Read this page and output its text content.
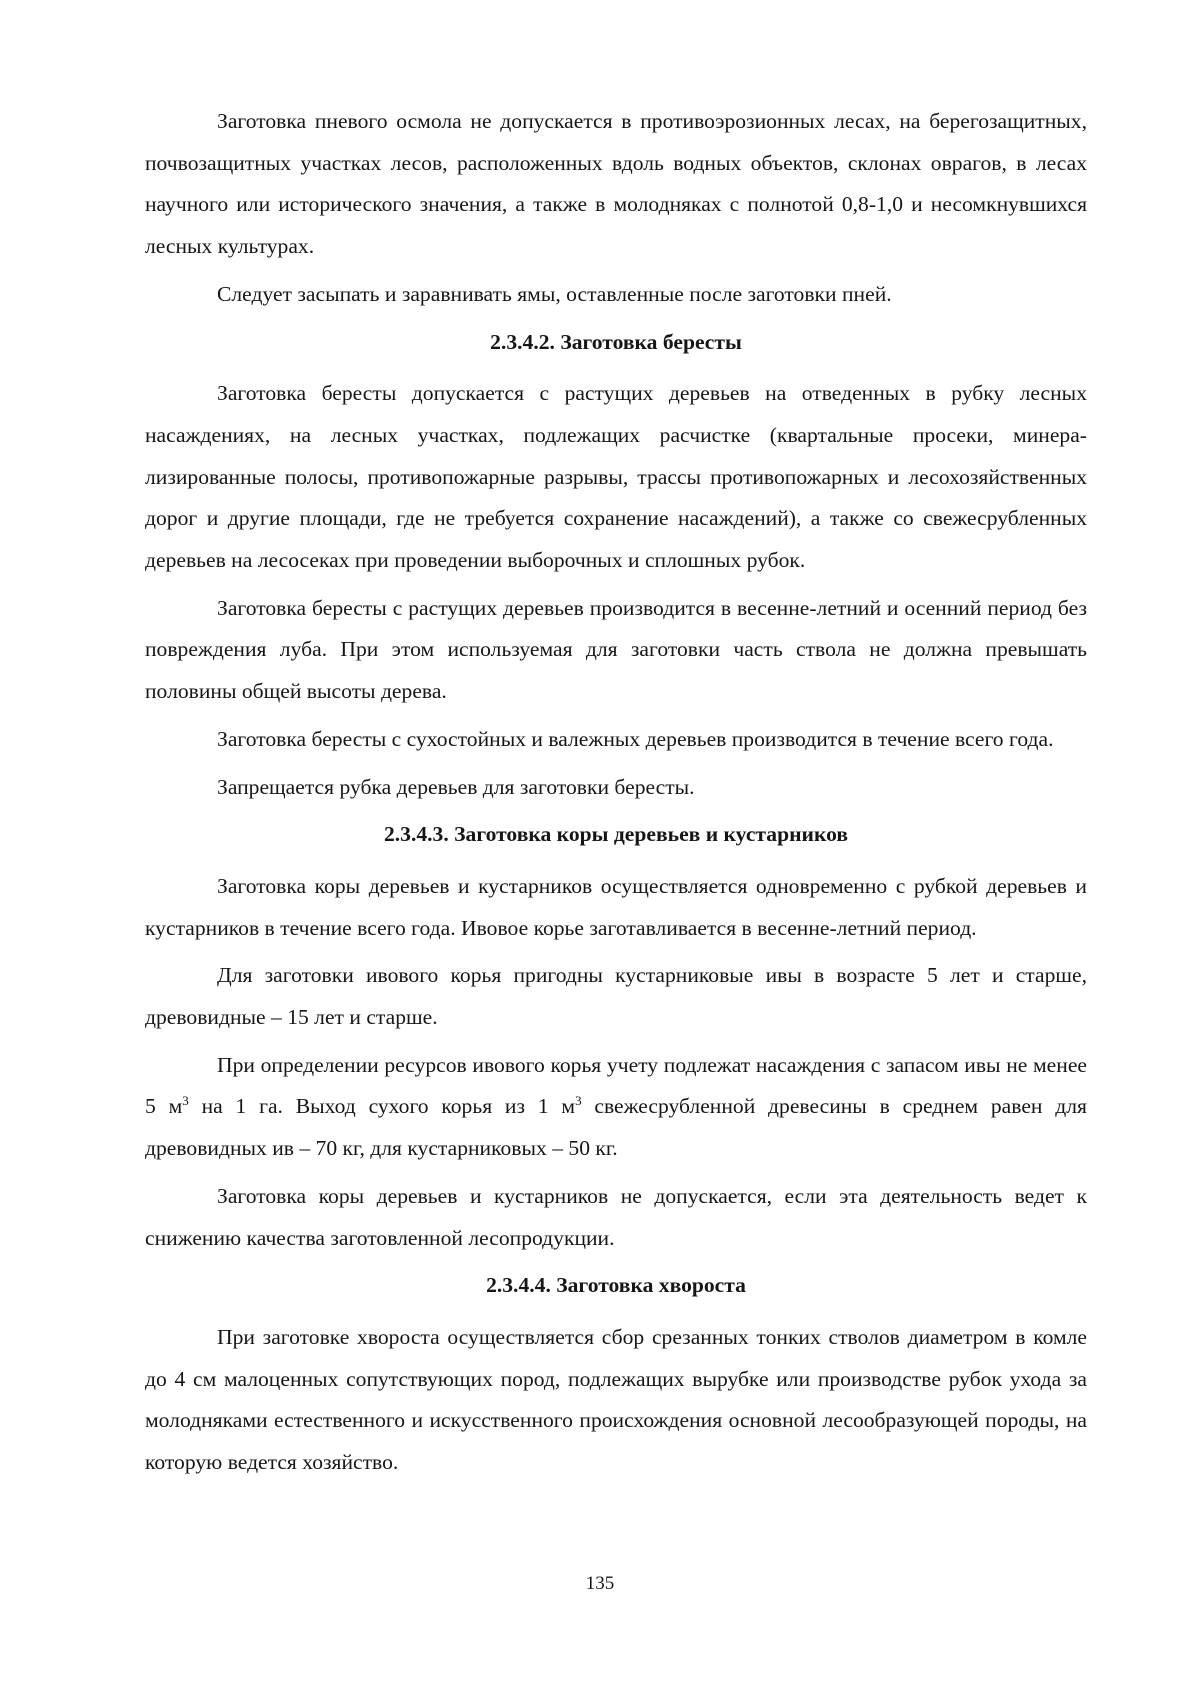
Заготовка пневого осмола не допускается в противоэрозионных лесах, на берегозащитных, почвозащитных участках лесов, расположенных вдоль водных объектов, склонах оврагов, в лесах научного или исторического значения, а также в молодняках с полнотой 0,8-1,0 и несомкнувшихся лесных культурах.

Следует засыпать и заравнивать ямы, оставленные после заготовки пней.

2.3.4.2. Заготовка бересты

Заготовка бересты допускается с растущих деревьев на отведенных в рубку лесных насаждениях, на лесных участках, подлежащих расчистке (квартальные просеки, минерализированные полосы, противопожарные разрывы, трассы противопожарных и лесохозяйственных дорог и другие площади, где не требуется сохранение насаждений), а также со свежесрубленных деревьев на лесосеках при проведении выборочных и сплошных рубок.

Заготовка бересты с растущих деревьев производится в весенне-летний и осенний период без повреждения луба. При этом используемая для заготовки часть ствола не должна превышать половины общей высоты дерева.

Заготовка бересты с сухостойных и валежных деревьев производится в течение всего года.

Запрещается рубка деревьев для заготовки бересты.

2.3.4.3. Заготовка коры деревьев и кустарников

Заготовка коры деревьев и кустарников осуществляется одновременно с рубкой деревьев и кустарников в течение всего года. Ивовое корье заготавливается в весенне-летний период.

Для заготовки ивового корья пригодны кустарниковые ивы в возрасте 5 лет и старше, древовидные – 15 лет и старше.

При определении ресурсов ивового корья учету подлежат насаждения с запасом ивы не менее 5 $м^3$ на 1 га. Выход сухого корья из 1 $м^3$ свежесрубленной древесины в среднем равен для древовидных ив – 70 кг, для кустарниковых – 50 кг.

Заготовка коры деревьев и кустарников не допускается, если эта деятельность ведет к снижению качества заготовленной лесопродукции.

2.3.4.4. Заготовка хвороста

При заготовке хвороста осуществляется сбор срезанных тонких стволов диаметром в комле до 4 см малоценных сопутствующих пород, подлежащих вырубке или производстве рубок ухода за молодняками естественного и искусственного происхождения основной лесообразующей породы, на которую ведется хозяйство.

135
